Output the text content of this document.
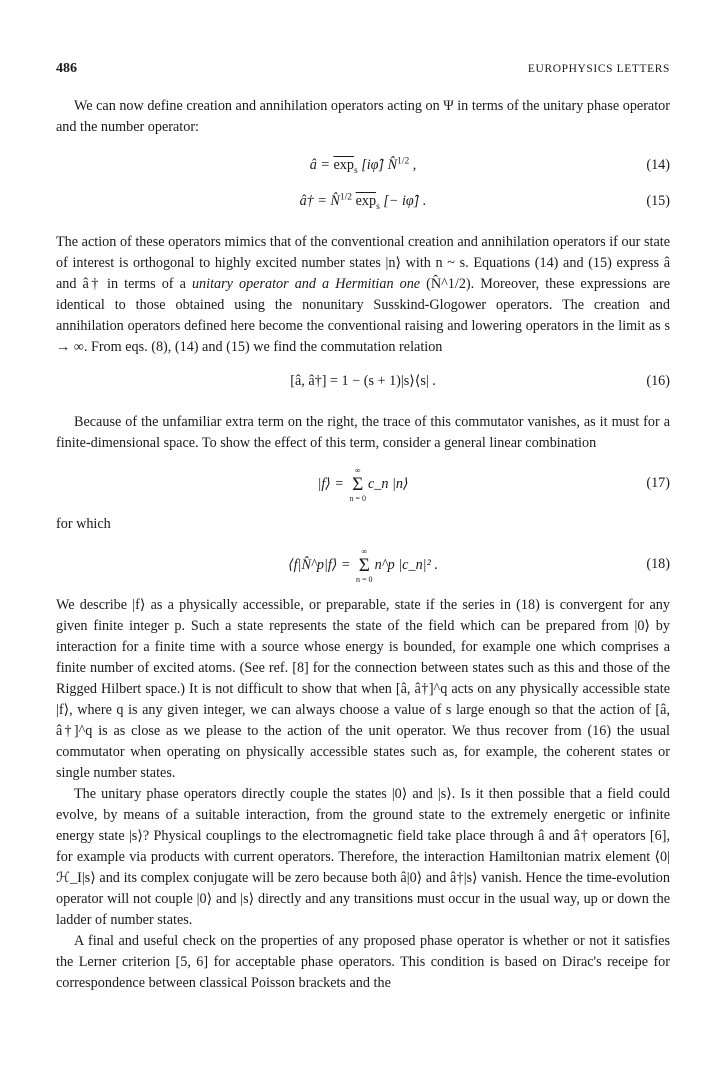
486	EUROPHYSICS LETTERS

We can now define creation and annihilation operators acting on Ψ in terms of the unitary phase operator and the number operator:

â = $\overline{exp}_s$ [iφ̂] N̂$^{1/2}$ ,	(14)
â† = N̂$^{1/2}$ $\overline{exp}_s$ [− iφ̂] .	(15)

The action of these operators mimics that of the conventional creation and annihilation operators if our state of interest is orthogonal to highly excited number states |n⟩ with n ~ s. Equations (14) and (15) express â and â† in terms of a unitary operator and a Hermitian one (N̂^1/2). Moreover, these expressions are identical to those obtained using the nonunitary Susskind-Glogower operators. The creation and annihilation operators defined here become the conventional raising and lowering operators in the limit as s → ∞. From eqs. (8), (14) and (15) we find the commutation relation

[â, â†] = 1 − (s + 1)|s⟩⟨s| .	(16)

Because of the unfamiliar extra term on the right, the trace of this commutator vanishes, as it must for a finite-dimensional space. To show the effect of this term, consider a general linear combination

|f⟩ =
∞
Σ
n = 0
c_n |n⟩	(17)

for which

⟨f|N̂^p|f⟩ =
∞
Σ
n = 0
n^p |c_n|² .	(18)

We describe |f⟩ as a physically accessible, or preparable, state if the series in (18) is convergent for any given finite integer p. Such a state represents the state of the field which can be prepared from |0⟩ by interaction for a finite time with a source whose energy is bounded, for example one which comprises a finite number of excited atoms. (See ref. [8] for the connection between states such as this and those of the Rigged Hilbert space.) It is not difficult to show that when [â, â†]^q acts on any physically accessible state |f⟩, where q is any given integer, we can always choose a value of s large enough so that the action of [â, â†]^q is as close as we please to the action of the unit operator. We thus recover from (16) the usual commutator when operating on physically accessible states such as, for example, the coherent states or single number states.

The unitary phase operators directly couple the states |0⟩ and |s⟩. Is it then possible that a field could evolve, by means of a suitable interaction, from the ground state to the extremely energetic or infinite energy state |s⟩? Physical couplings to the electromagnetic field take place through â and â† operators [6], for example via products with current operators. Therefore, the interaction Hamiltonian matrix element ⟨0|ℋ_I|s⟩ and its complex conjugate will be zero because both â|0⟩ and â†|s⟩ vanish. Hence the time-evolution operator will not couple |0⟩ and |s⟩ directly and any transitions must occur in the usual way, up or down the ladder of number states.

A final and useful check on the properties of any proposed phase operator is whether or not it satisfies the Lerner criterion [5, 6] for acceptable phase operators. This condition is based on Dirac's receipe for correspondence between classical Poisson brackets and the
